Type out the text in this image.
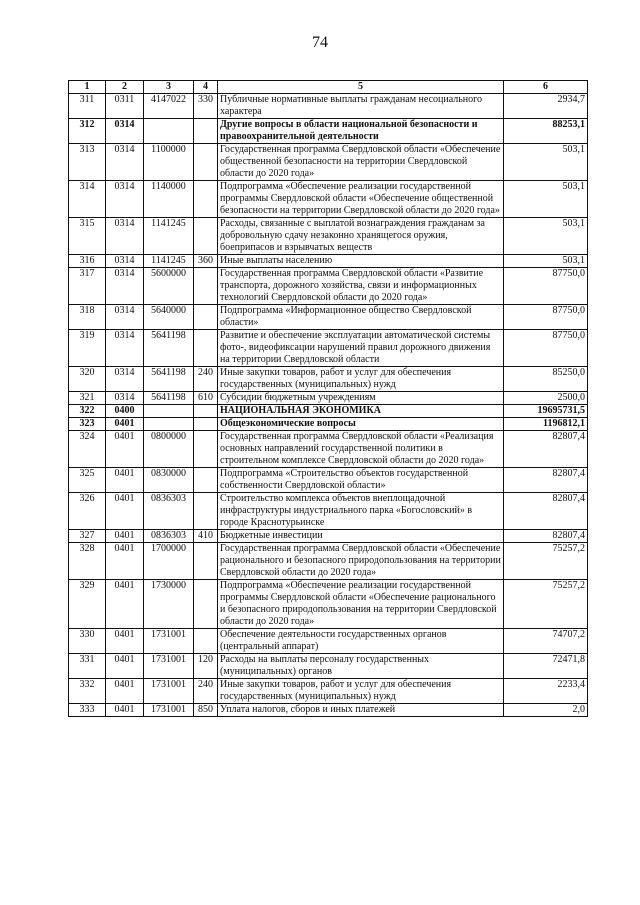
74
1	2	3	4	5	6
311	0311	4147022	330	Публичные нормативные выплаты гражданам несоциального характера	2934,7
312	0314			Другие вопросы в области национальной безопасности и правоохранительной деятельности	88253,1
313	0314	1100000		Государственная программа Свердловской области «Обеспечение общественной безопасности на территории Свердловской области до 2020 года»	503,1
314	0314	1140000		Подпрограмма «Обеспечение реализации государственной программы Свердловской области «Обеспечение общественной безопасности на территории Свердловской области до 2020 года»	503,1
315	0314	1141245		Расходы, связанные с выплатой вознаграждения гражданам за добровольную сдачу незаконно хранящегося оружия, боеприпасов и взрывчатых веществ	503,1
316	0314	1141245	360	Иные выплаты населению	503,1
317	0314	5600000		Государственная программа Свердловской области «Развитие транспорта, дорожного хозяйства, связи и информационных технологий Свердловской области до 2020 года»	87750,0
318	0314	5640000		Подпрограмма «Информационное общество Свердловской области»	87750,0
319	0314	5641198		Развитие и обеспечение эксплуатации автоматической системы фото-, видеофиксации нарушений правил дорожного движения на территории Свердловской области	87750,0
320	0314	5641198	240	Иные закупки товаров, работ и услуг для обеспечения государственных (муниципальных) нужд	85250,0
321	0314	5641198	610	Субсидии бюджетным учреждениям	2500,0
322	0400			НАЦИОНАЛЬНАЯ ЭКОНОМИКА	19695731,5
323	0401			Общеэкономические вопросы	1196812,1
324	0401	0800000		Государственная программа Свердловской области «Реализация основных направлений государственной политики в строительном комплексе Свердловской области до 2020 года»	82807,4
325	0401	0830000		Подпрограмма «Строительство объектов государственной собственности Свердловской области»	82807,4
326	0401	0836303		Строительство комплекса объектов внеплощадочной инфраструктуры индустриального парка «Богословский» в городе Краснотурьинске	82807,4
327	0401	0836303	410	Бюджетные инвестиции	82807,4
328	0401	1700000		Государственная программа Свердловской области «Обеспечение рационального и безопасного природопользования на территории Свердловской области до 2020 года»	75257,2
329	0401	1730000		Подпрограмма «Обеспечение реализации государственной программы Свердловской области «Обеспечение рационального и безопасного природопользования на территории Свердловской области до 2020 года»	75257,2
330	0401	1731001		Обеспечение деятельности государственных органов (центральный аппарат)	74707,2
331	0401	1731001	120	Расходы на выплаты персоналу государственных (муниципальных) органов	72471,8
332	0401	1731001	240	Иные закупки товаров, работ и услуг для обеспечения государственных (муниципальных) нужд	2233,4
333	0401	1731001	850	Уплата налогов, сборов и иных платежей	2,0
